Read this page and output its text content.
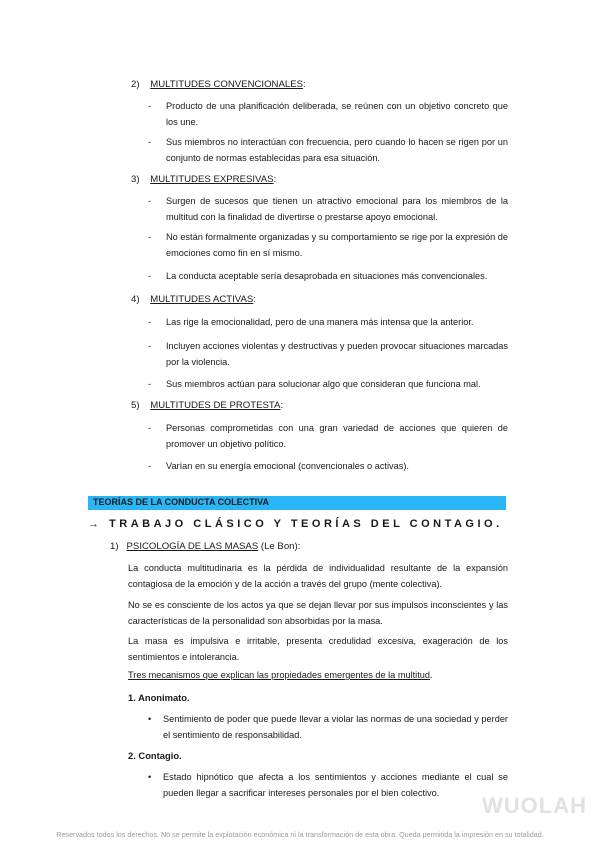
2) MULTITUDES CONVENCIONALES:
- Producto de una planificación deliberada, se reúnen con un objetivo concreto que los une.
- Sus miembros no interactúan con frecuencia, pero cuando lo hacen se rigen por un conjunto de normas establecidas para esa situación.
3) MULTITUDES EXPRESIVAS:
- Surgen de sucesos que tienen un atractivo emocional para los miembros de la multitud con la finalidad de divertirse o prestarse apoyo emocional.
- No están formalmente organizadas y su comportamiento se rige por la expresión de emociones como fin en sí mismo.
- La conducta aceptable sería desaprobada en situaciones más convencionales.
4) MULTITUDES ACTIVAS:
- Las rige la emocionalidad, pero de una manera más intensa que la anterior.
- Incluyen acciones violentas y destructivas y pueden provocar situaciones marcadas por la violencia.
- Sus miembros actúan para solucionar algo que consideran que funciona mal.
5) MULTITUDES DE PROTESTA:
- Personas comprometidas con una gran variedad de acciones que quieren de promover un objetivo político.
- Varían en su energía emocional (convencionales o activas).
TEORÍAS DE LA CONDUCTA COLECTIVA
→ TRABAJO CLÁSICO Y TEORÍAS DEL CONTAGIO.
1) PSICOLOGÍA DE LAS MASAS (Le Bon):
La conducta multitudinaria es la pérdida de individualidad resultante de la expansión contagiosa de la emoción y de la acción a través del grupo (mente colectiva).
No se es consciente de los actos ya que se dejan llevar por sus impulsos inconscientes y las características de la personalidad son absorbidas por la masa.
La masa es impulsiva e irritable, presenta credulidad excesiva, exageración de los sentimientos e intolerancia.
Tres mecanismos que explican las propiedades emergentes de la multitud.
1. Anonimato.
• Sentimiento de poder que puede llevar a violar las normas de una sociedad y perder el sentimiento de responsabilidad.
2. Contagio.
• Estado hipnótico que afecta a los sentimientos y acciones mediante el cual se pueden llegar a sacrificar intereses personales por el bien colectivo.	WUOLAH
Reservados todos los derechos. No se permite la explotación económica ni la transformación de esta obra. Queda permitida la impresión en su totalidad.
